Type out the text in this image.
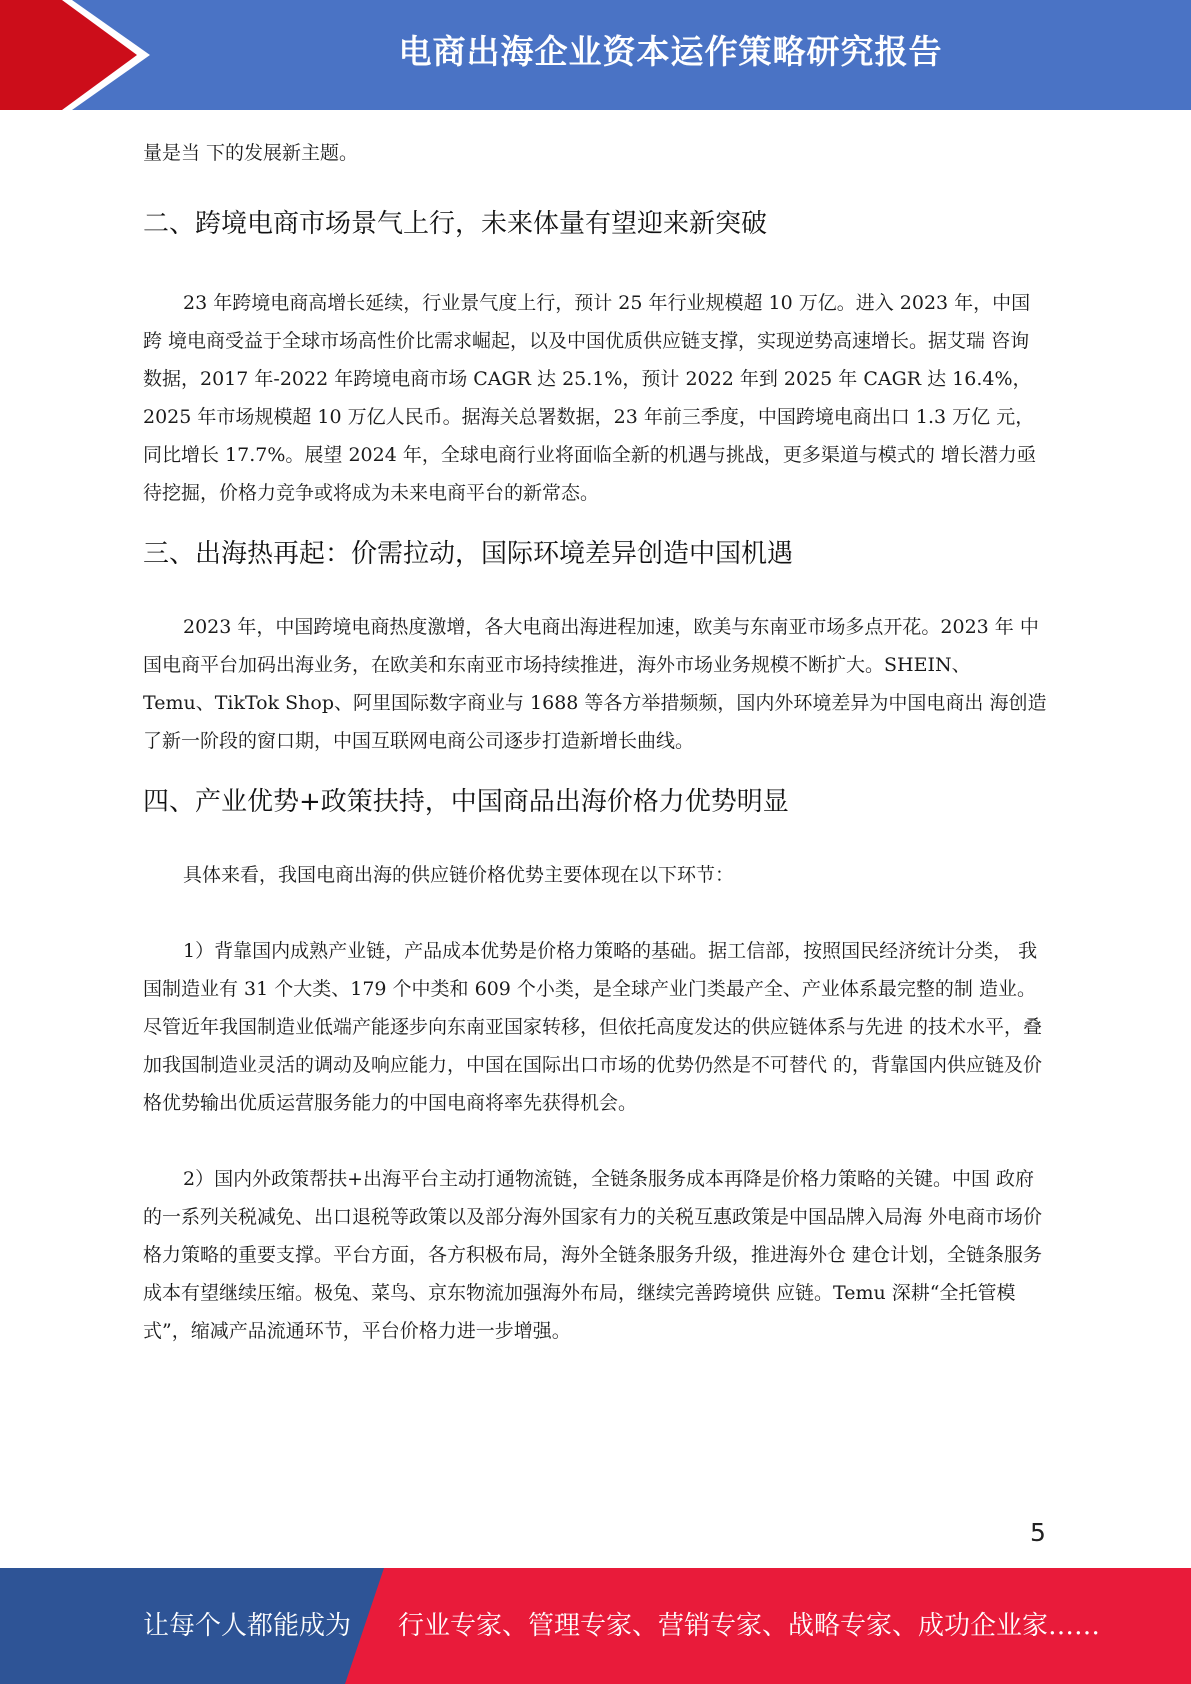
电商出海企业资本运作策略研究报告

量是当 下的发展新主题。

二、跨境电商市场景气上行，未来体量有望迎来新突破

23 年跨境电商高增长延续，行业景气度上行，预计 25 年行业规模超 10 万亿。进入 2023 年，中国跨 境电商受益于全球市场高性价比需求崛起，以及中国优质供应链支撑，实现逆势高速增长。据艾瑞 咨询数据，2017 年-2022 年跨境电商市场 CAGR 达 25.1%，预计 2022 年到 2025 年 CAGR 达 16.4%， 2025 年市场规模超 10 万亿人民币。据海关总署数据，23 年前三季度，中国跨境电商出口 1.3 万亿 元，同比增长 17.7%。展望 2024 年，全球电商行业将面临全新的机遇与挑战，更多渠道与模式的 增长潜力亟待挖掘，价格力竞争或将成为未来电商平台的新常态。

三、出海热再起：价需拉动，国际环境差异创造中国机遇

2023 年，中国跨境电商热度激增，各大电商出海进程加速，欧美与东南亚市场多点开花。2023 年 中国电商平台加码出海业务，在欧美和东南亚市场持续推进，海外市场业务规模不断扩大。SHEIN、 Temu、TikTok Shop、阿里国际数字商业与 1688 等各方举措频频，国内外环境差异为中国电商出 海创造了新一阶段的窗口期，中国互联网电商公司逐步打造新增长曲线。

四、产业优势+政策扶持，中国商品出海价格力优势明显

具体来看，我国电商出海的供应链价格优势主要体现在以下环节：

1）背靠国内成熟产业链，产品成本优势是价格力策略的基础。据工信部，按照国民经济统计分类， 我国制造业有 31 个大类、179 个中类和 609 个小类，是全球产业门类最产全、产业体系最完整的制 造业。尽管近年我国制造业低端产能逐步向东南亚国家转移，但依托高度发达的供应链体系与先进 的技术水平，叠加我国制造业灵活的调动及响应能力，中国在国际出口市场的优势仍然是不可替代 的，背靠国内供应链及价格优势输出优质运营服务能力的中国电商将率先获得机会。

2）国内外政策帮扶+出海平台主动打通物流链，全链条服务成本再降是价格力策略的关键。中国 政府的一系列关税减免、出口退税等政策以及部分海外国家有力的关税互惠政策是中国品牌入局海 外电商市场价格力策略的重要支撑。平台方面，各方积极布局，海外全链条服务升级，推进海外仓 建仓计划，全链条服务成本有望继续压缩。极兔、菜鸟、京东物流加强海外布局，继续完善跨境供 应链。Temu 深耕“全托管模式”，缩减产品流通环节，平台价格力进一步增强。

5
让每个人都能成为 行业专家、管理专家、营销专家、战略专家、成功企业家……
